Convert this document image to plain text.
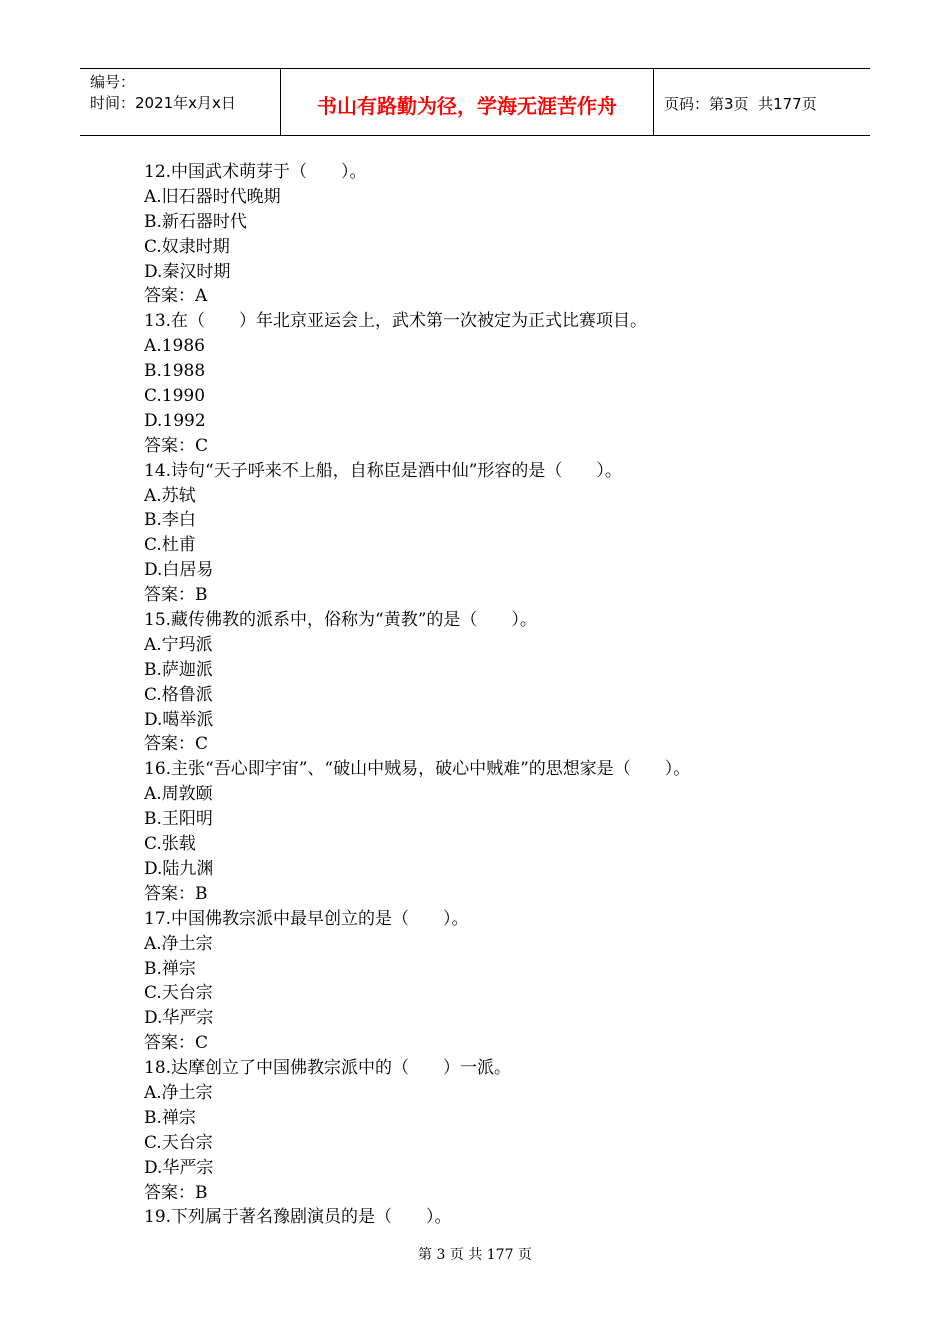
编号：
时间：2021年x月x日	书山有路勤为径，学海无涯苦作舟	页码：第3页  共177页
12.中国武术萌芽于（　　）。
A.旧石器时代晚期
B.新石器时代
C.奴隶时期
D.秦汉时期
答案：A
13.在（　　）年北京亚运会上，武术第一次被定为正式比赛项目。
A.1986
B.1988
C.1990
D.1992
答案：C
14.诗句“天子呼来不上船，自称臣是酒中仙”形容的是（　　）。
A.苏轼
B.李白
C.杜甫
D.白居易
答案：B
15.藏传佛教的派系中，俗称为“黄教”的是（　　）。
A.宁玛派
B.萨迦派
C.格鲁派
D.噶举派
答案：C
16.主张“吾心即宇宙”、“破山中贼易，破心中贼难”的思想家是（　　）。
A.周敦颐
B.王阳明
C.张载
D.陆九渊
答案：B
17.中国佛教宗派中最早创立的是（　　）。
A.净土宗
B.禅宗
C.天台宗
D.华严宗
答案：C
18.达摩创立了中国佛教宗派中的（　　）一派。
A.净土宗
B.禅宗
C.天台宗
D.华严宗
答案：B
19.下列属于著名豫剧演员的是（　　）。
第 3 页 共 177 页
